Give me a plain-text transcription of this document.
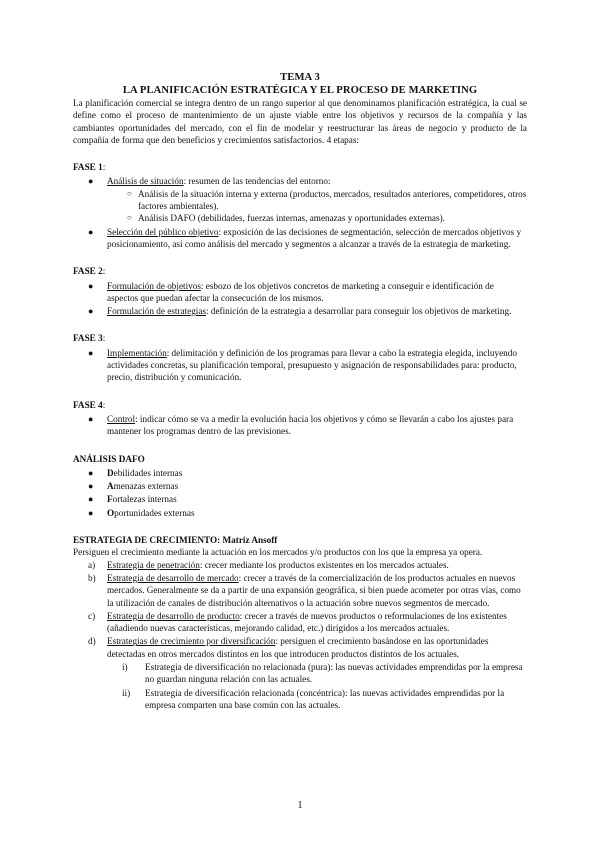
TEMA 3
LA PLANIFICACIÓN ESTRATÉGICA Y EL PROCESO DE MARKETING

La planificación comercial se integra dentro de un rango superior al que denominamos planificación estratégica, la cual se define como el proceso de mantenimiento de un ajuste viable entre los objetivos y recursos de la compañía y las cambiantes oportunidades del mercado, con el fin de modelar y reestructurar las áreas de negocio y producto de la compañía de forma que den beneficios y crecimientos satisfactorios. 4 etapas:

FASE 1:

● Análisis de situación: resumen de las tendencias del entorno:
○ Análisis de la situación interna y externa (productos, mercados, resultados anteriores, competidores, otros factores ambientales).
○ Análisis DAFO (debilidades, fuerzas internas, amenazas y oportunidades externas).
● Selección del público objetivo: exposición de las decisiones de segmentación, selección de mercados objetivos y posicionamiento, así como análisis del mercado y segmentos a alcanzar a través de la estrategia de marketing.

FASE 2:

● Formulación de objetivos: esbozo de los objetivos concretos de marketing a conseguir e identificación de aspectos que puedan afectar la consecución de los mismos.
● Formulación de estrategias: definición de la estrategia a desarrollar para conseguir los objetivos de marketing.

FASE 3:

● Implementación: delimitación y definición de los programas para llevar a cabo la estrategia elegida, incluyendo actividades concretas, su planificación temporal, presupuesto y asignación de responsabilidades para: producto, precio, distribución y comunicación.

FASE 4:

● Control: indicar cómo se va a medir la evolución hacia los objetivos y cómo se llevarán a cabo los ajustes para mantener los programas dentro de las previsiones.

ANÁLISIS DAFO

● Debilidades internas
● Amenazas externas
● Fortalezas internas
● Oportunidades externas

ESTRATEGIA DE CRECIMIENTO: Matriz Ansoff

Persiguen el crecimiento mediante la actuación en los mercados y/o productos con los que la empresa ya opera.

a) Estrategia de penetración: crecer mediante los productos existentes en los mercados actuales.
b) Estrategia de desarrollo de mercado: crecer a través de la comercialización de los productos actuales en nuevos mercados. Generalmente se da a partir de una expansión geográfica, si bien puede acometer por otras vías, como la utilización de canales de distribución alternativos o la actuación sobre nuevos segmentos de mercado.
c) Estrategia de desarrollo de producto: crecer a través de nuevos productos o reformulaciones de los existentes (añadiendo nuevas características, mejorando calidad, etc.) dirigidos a los mercados actuales.
d) Estrategias de crecimiento por diversificación: persiguen el crecimiento basándose en las oportunidades detectadas en otros mercados distintos en los que introducen productos distintos de los actuales.
i) Estrategia de diversificación no relacionada (pura): las nuevas actividades emprendidas por la empresa no guardan ninguna relación con las actuales.
ii) Estrategia de diversificación relacionada (concéntrica): las nuevas actividades emprendidas por la empresa comparten una base común con las actuales.
1
